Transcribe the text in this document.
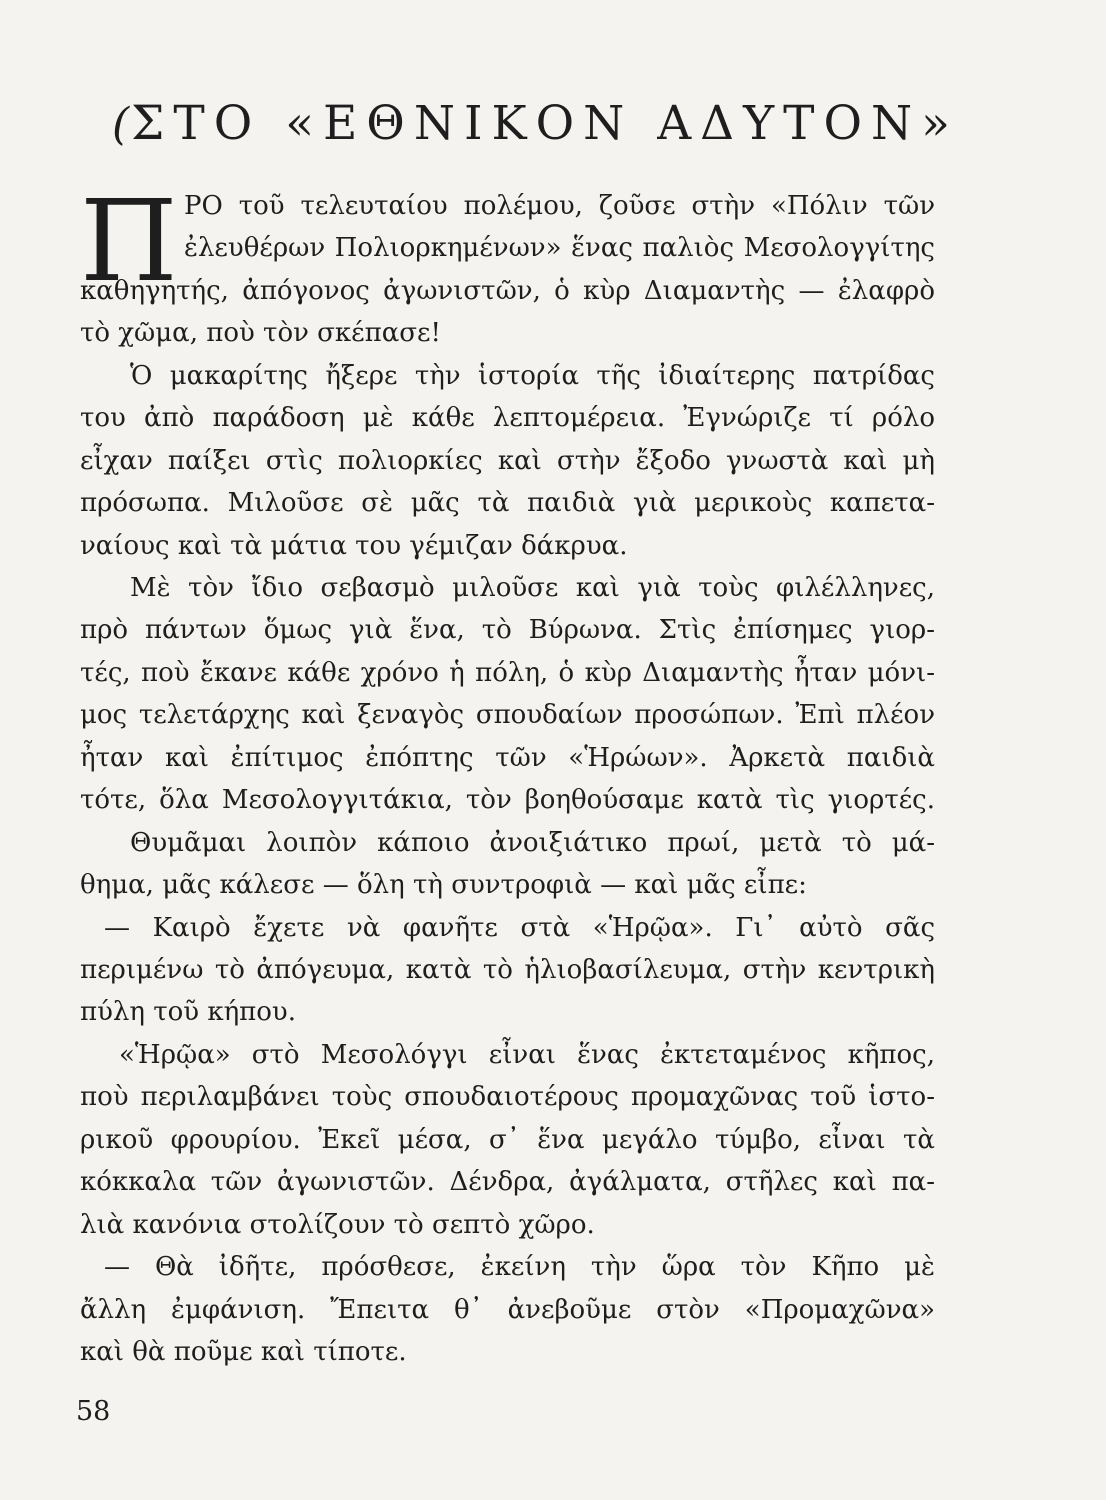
(ΣΤΟ «ΕΘΝΙΚΟΝ ΑΔΥΤΟΝ»
Π ΡΟ τοῦ τελευταίου πολέμου, ζοῦσε στὴν «Πόλιν τῶν
ἐλευθέρων Πολιορκημένων» ἕνας παλιὸς Μεσολογγίτης
καθηγητής, ἀπόγονος ἀγωνιστῶν, ὁ κὺρ Διαμαντὴς — ἐλαφρὸ
τὸ χῶμα, ποὺ τὸν σκέπασε!
Ὁ μακαρίτης ἤξερε τὴν ἱστορία τῆς ἰδιαίτερης πατρίδας
του ἀπὸ παράδοση μὲ κάθε λεπτομέρεια. Ἐγνώριζε τί ρόλο
εἶχαν παίξει στὶς πολιορκίες καὶ στὴν ἔξοδο γνωστὰ καὶ μὴ
πρόσωπα. Μιλοῦσε σὲ μᾶς τὰ παιδιὰ γιὰ μερικοὺς καπετα-
ναίους καὶ τὰ μάτια του γέμιζαν δάκρυα.
Μὲ τὸν ἴδιο σεβασμὸ μιλοῦσε καὶ γιὰ τοὺς φιλέλληνες,
πρὸ πάντων ὅμως γιὰ ἕνα, τὸ Βύρωνα. Στὶς ἐπίσημες γιορ-
τές, ποὺ ἔκανε κάθε χρόνο ἡ πόλη, ὁ κὺρ Διαμαντὴς ἦταν μόνι-
μος τελετάρχης καὶ ξεναγὸς σπουδαίων προσώπων. Ἐπὶ πλέον
ἦταν καὶ ἐπίτιμος ἐπόπτης τῶν «Ἡρώων». Ἀρκετὰ παιδιὰ
τότε, ὅλα Μεσολογγιτάκια, τὸν βοηθούσαμε κατὰ τὶς γιορτές.
Θυμᾶμαι λοιπὸν κάποιο ἀνοιξιάτικο πρωί, μετὰ τὸ μά-
θημα, μᾶς κάλεσε — ὅλη τὴ συντροφιὰ — καὶ μᾶς εἶπε:
— Καιρὸ ἔχετε νὰ φανῆτε στὰ «Ἡρῷα». Γι᾿ αὐτὸ σᾶς
περιμένω τὸ ἀπόγευμα, κατὰ τὸ ἡλιοβασίλευμα, στὴν κεντρικὴ
πύλη τοῦ κήπου.
«Ἡρῷα» στὸ Μεσολόγγι εἶναι ἕνας ἐκτεταμένος κῆπος,
ποὺ περιλαμβάνει τοὺς σπουδαιοτέρους προμαχῶνας τοῦ ἱστο-
ρικοῦ φρουρίου. Ἐκεῖ μέσα, σ᾿ ἕνα μεγάλο τύμβο, εἶναι τὰ
κόκκαλα τῶν ἀγωνιστῶν. Δένδρα, ἀγάλματα, στῆλες καὶ πα-
λιὰ κανόνια στολίζουν τὸ σεπτὸ χῶρο.
— Θὰ ἰδῆτε, πρόσθεσε, ἐκείνη τὴν ὥρα τὸν Κῆπο μὲ
ἄλλη ἐμφάνιση. Ἔπειτα θ᾿ ἀνεβοῦμε στὸν «Προμαχῶνα»
καὶ θὰ ποῦμε καὶ τίποτε.
58
